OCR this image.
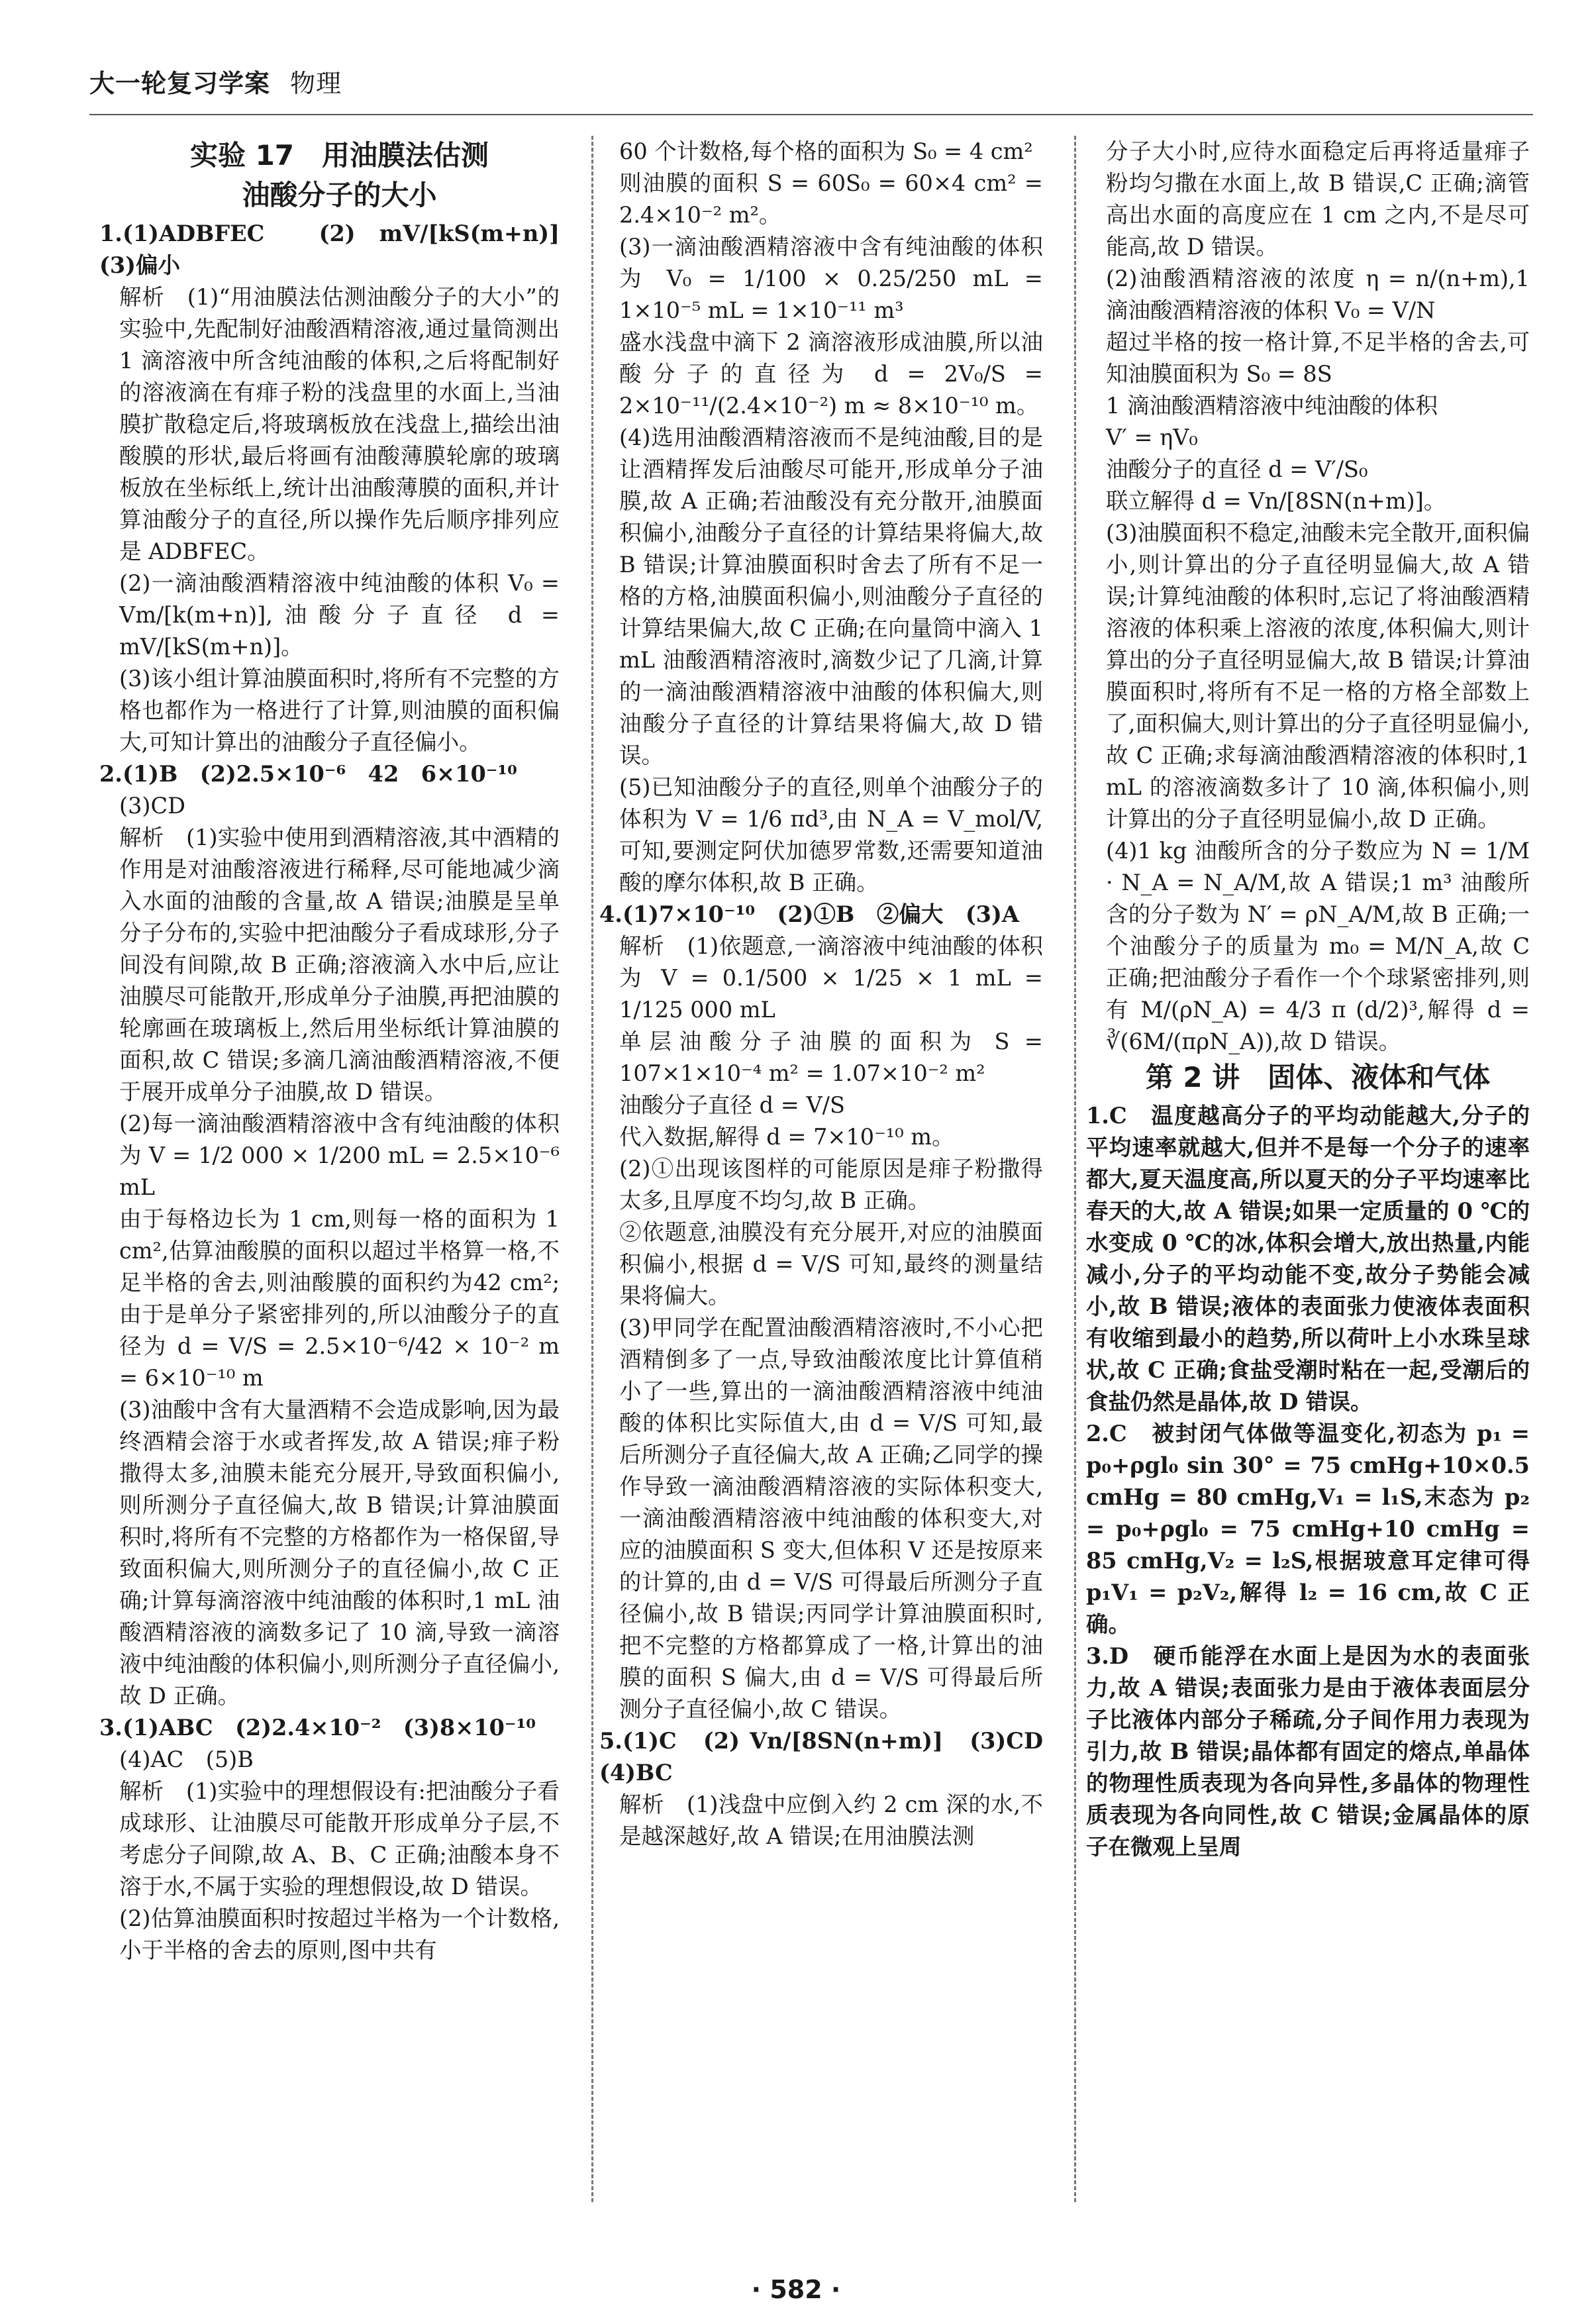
大一轮复习学案 物理
实验 17　用油膜法估测
油酸分子的大小

1.(1)ADBFEC　(2) mV/[kS(m+n)]　(3)偏小

解析　(1)“用油膜法估测油酸分子的大小”的实验中,先配制好油酸酒精溶液,通过量筒测出 1 滴溶液中所含纯油酸的体积,之后将配制好的溶液滴在有痱子粉的浅盘里的水面上,当油膜扩散稳定后,将玻璃板放在浅盘上,描绘出油酸膜的形状,最后将画有油酸薄膜轮廓的玻璃板放在坐标纸上,统计出油酸薄膜的面积,并计算油酸分子的直径,所以操作先后顺序排列应是 ADBFEC。

(2)一滴油酸酒精溶液中纯油酸的体积 V₀ = Vm/[k(m+n)],油酸分子直径 d = mV/[kS(m+n)]。

(3)该小组计算油膜面积时,将所有不完整的方格也都作为一格进行了计算,则油膜的面积偏大,可知计算出的油酸分子直径偏小。

2.(1)B　(2)2.5×10⁻⁶　42　6×10⁻¹⁰

(3)CD

解析　(1)实验中使用到酒精溶液,其中酒精的作用是对油酸溶液进行稀释,尽可能地减少滴入水面的油酸的含量,故 A 错误;油膜是呈单分子分布的,实验中把油酸分子看成球形,分子间没有间隙,故 B 正确;溶液滴入水中后,应让油膜尽可能散开,形成单分子油膜,再把油膜的轮廓画在玻璃板上,然后用坐标纸计算油膜的面积,故 C 错误;多滴几滴油酸酒精溶液,不便于展开成单分子油膜,故 D 错误。

(2)每一滴油酸酒精溶液中含有纯油酸的体积为 V = 1/2 000 × 1/200 mL = 2.5×10⁻⁶ mL

由于每格边长为 1 cm,则每一格的面积为 1 cm²,估算油酸膜的面积以超过半格算一格,不足半格的舍去,则油酸膜的面积约为42 cm²;由于是单分子紧密排列的,所以油酸分子的直径为 d = V/S = 2.5×10⁻⁶/42 × 10⁻² m = 6×10⁻¹⁰ m

(3)油酸中含有大量酒精不会造成影响,因为最终酒精会溶于水或者挥发,故 A 错误;痱子粉撒得太多,油膜未能充分展开,导致面积偏小,则所测分子直径偏大,故 B 错误;计算油膜面积时,将所有不完整的方格都作为一格保留,导致面积偏大,则所测分子的直径偏小,故 C 正确;计算每滴溶液中纯油酸的体积时,1 mL 油酸酒精溶液的滴数多记了 10 滴,导致一滴溶液中纯油酸的体积偏小,则所测分子直径偏小,故 D 正确。

3.(1)ABC　(2)2.4×10⁻²　(3)8×10⁻¹⁰

(4)AC　(5)B

解析　(1)实验中的理想假设有:把油酸分子看成球形、让油膜尽可能散开形成单分子层,不考虑分子间隙,故 A、B、C 正确;油酸本身不溶于水,不属于实验的理想假设,故 D 错误。

(2)估算油膜面积时按超过半格为一个计数格,小于半格的舍去的原则,图中共有

60 个计数格,每个格的面积为 S₀ = 4 cm²

则油膜的面积 S = 60S₀ = 60×4 cm² = 2.4×10⁻² m²。

(3)一滴油酸酒精溶液中含有纯油酸的体积为 V₀ = 1/100 × 0.25/250 mL = 1×10⁻⁵ mL = 1×10⁻¹¹ m³

盛水浅盘中滴下 2 滴溶液形成油膜,所以油酸分子的直径为 d = 2V₀/S = 2×10⁻¹¹/(2.4×10⁻²) m ≈ 8×10⁻¹⁰ m。

(4)选用油酸酒精溶液而不是纯油酸,目的是让酒精挥发后油酸尽可能开,形成单分子油膜,故 A 正确;若油酸没有充分散开,油膜面积偏小,油酸分子直径的计算结果将偏大,故 B 错误;计算油膜面积时舍去了所有不足一格的方格,油膜面积偏小,则油酸分子直径的计算结果偏大,故 C 正确;在向量筒中滴入 1 mL 油酸酒精溶液时,滴数少记了几滴,计算的一滴油酸酒精溶液中油酸的体积偏大,则油酸分子直径的计算结果将偏大,故 D 错误。

(5)已知油酸分子的直径,则单个油酸分子的体积为 V = 1/6 πd³,由 N_A = V_mol/V,可知,要测定阿伏加德罗常数,还需要知道油酸的摩尔体积,故 B 正确。

4.(1)7×10⁻¹⁰　(2)①B　②偏大　(3)A

解析　(1)依题意,一滴溶液中纯油酸的体积为 V = 0.1/500 × 1/25 × 1 mL = 1/125 000 mL

单层油酸分子油膜的面积为 S = 107×1×10⁻⁴ m² = 1.07×10⁻² m²

油酸分子直径 d = V/S

代入数据,解得 d = 7×10⁻¹⁰ m。

(2)①出现该图样的可能原因是痱子粉撒得太多,且厚度不均匀,故 B 正确。

②依题意,油膜没有充分展开,对应的油膜面积偏小,根据 d = V/S 可知,最终的测量结果将偏大。

(3)甲同学在配置油酸酒精溶液时,不小心把酒精倒多了一点,导致油酸浓度比计算值稍小了一些,算出的一滴油酸酒精溶液中纯油酸的体积比实际值大,由 d = V/S 可知,最后所测分子直径偏大,故 A 正确;乙同学的操作导致一滴油酸酒精溶液的实际体积变大,一滴油酸酒精溶液中纯油酸的体积变大,对应的油膜面积 S 变大,但体积 V 还是按原来的计算的,由 d = V/S 可得最后所测分子直径偏小,故 B 错误;丙同学计算油膜面积时,把不完整的方格都算成了一格,计算出的油膜的面积 S 偏大,由 d = V/S 可得最后所测分子直径偏小,故 C 错误。

5.(1)C　(2) Vn/[8SN(n+m)]　(3)CD　(4)BC

解析　(1)浅盘中应倒入约 2 cm 深的水,不是越深越好,故 A 错误;在用油膜法测

分子大小时,应待水面稳定后再将适量痱子粉均匀撒在水面上,故 B 错误,C 正确;滴管高出水面的高度应在 1 cm 之内,不是尽可能高,故 D 错误。

(2)油酸酒精溶液的浓度 η = n/(n+m),1 滴油酸酒精溶液的体积 V₀ = V/N

超过半格的按一格计算,不足半格的舍去,可知油膜面积为 S₀ = 8S

1 滴油酸酒精溶液中纯油酸的体积

V′ = ηV₀

油酸分子的直径 d = V′/S₀

联立解得 d = Vn/[8SN(n+m)]。

(3)油膜面积不稳定,油酸未完全散开,面积偏小,则计算出的分子直径明显偏大,故 A 错误;计算纯油酸的体积时,忘记了将油酸酒精溶液的体积乘上溶液的浓度,体积偏大,则计算出的分子直径明显偏大,故 B 错误;计算油膜面积时,将所有不足一格的方格全部数上了,面积偏大,则计算出的分子直径明显偏小,故 C 正确;求每滴油酸酒精溶液的体积时,1 mL 的溶液滴数多计了 10 滴,体积偏小,则计算出的分子直径明显偏小,故 D 正确。

(4)1 kg 油酸所含的分子数应为 N = 1/M · N_A = N_A/M,故 A 错误;1 m³ 油酸所含的分子数为 N′ = ρN_A/M,故 B 正确;一个油酸分子的质量为 m₀ = M/N_A,故 C 正确;把油酸分子看作一个个球紧密排列,则有 M/(ρN_A) = 4/3 π (d/2)³,解得 d = ∛(6M/(πρN_A)),故 D 错误。

第 2 讲　固体、液体和气体

1.C　温度越高分子的平均动能越大,分子的平均速率就越大,但并不是每一个分子的速率都大,夏天温度高,所以夏天的分子平均速率比春天的大,故 A 错误;如果一定质量的 0 ℃的水变成 0 ℃的冰,体积会增大,放出热量,内能减小,分子的平均动能不变,故分子势能会减小,故 B 错误;液体的表面张力使液体表面积有收缩到最小的趋势,所以荷叶上小水珠呈球状,故 C 正确;食盐受潮时粘在一起,受潮后的食盐仍然是晶体,故 D 错误。

2.C　被封闭气体做等温变化,初态为 p₁ = p₀+ρgl₀ sin 30° = 75 cmHg+10×0.5 cmHg = 80 cmHg,V₁ = l₁S,末态为 p₂ = p₀+ρgl₀ = 75 cmHg+10 cmHg = 85 cmHg,V₂ = l₂S,根据玻意耳定律可得 p₁V₁ = p₂V₂,解得 l₂ = 16 cm,故 C 正确。

3.D　硬币能浮在水面上是因为水的表面张力,故 A 错误;表面张力是由于液体表面层分子比液体内部分子稀疏,分子间作用力表现为引力,故 B 错误;晶体都有固定的熔点,单晶体的物理性质表现为各向异性,多晶体的物理性质表现为各向同性,故 C 错误;金属晶体的原子在微观上呈周

· 582 ·
